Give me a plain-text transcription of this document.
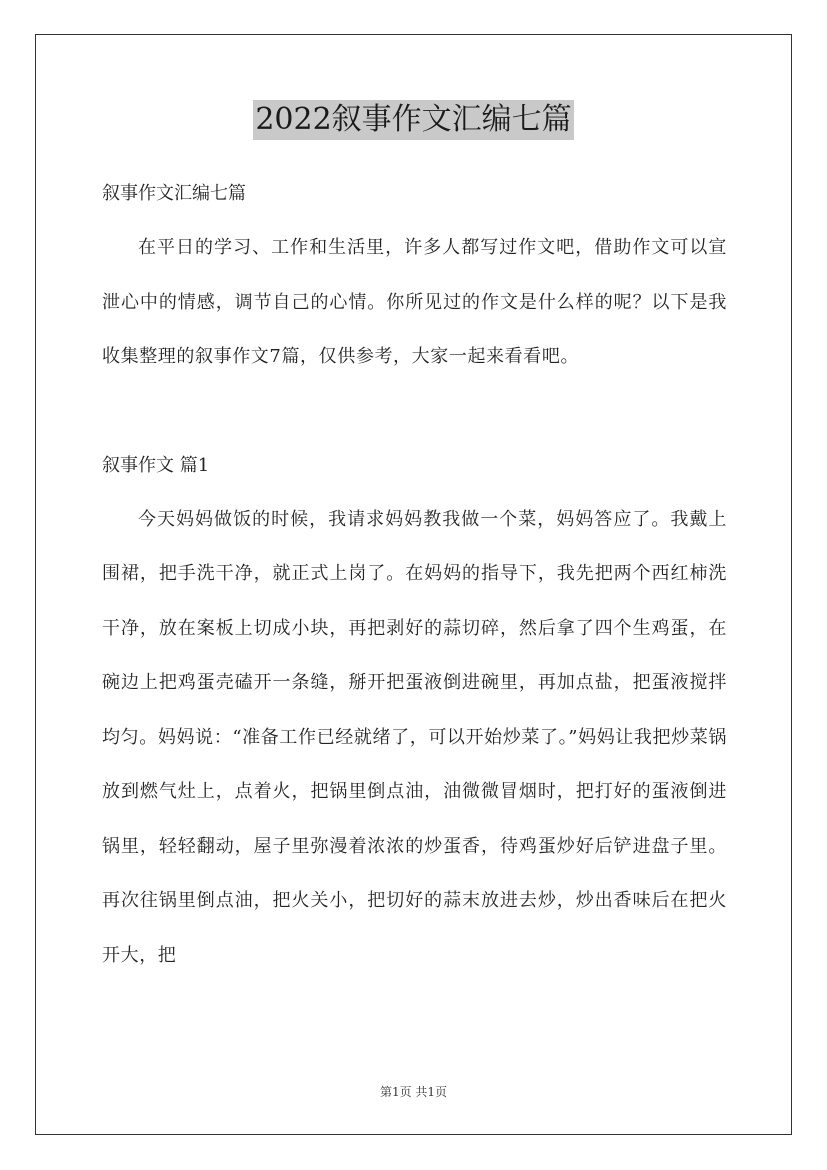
2022叙事作文汇编七篇

叙事作文汇编七篇

在平日的学习、工作和生活里，许多人都写过作文吧，借助作文可以宣泄心中的情感，调节自己的心情。你所见过的作文是什么样的呢？以下是我收集整理的叙事作文7篇，仅供参考，大家一起来看看吧。

叙事作文 篇1

今天妈妈做饭的时候，我请求妈妈教我做一个菜，妈妈答应了。我戴上围裙，把手洗干净，就正式上岗了。在妈妈的指导下，我先把两个西红柿洗干净，放在案板上切成小块，再把剥好的蒜切碎，然后拿了四个生鸡蛋，在碗边上把鸡蛋壳磕开一条缝，掰开把蛋液倒进碗里，再加点盐，把蛋液搅拌均匀。妈妈说：“准备工作已经就绪了，可以开始炒菜了。”妈妈让我把炒菜锅放到燃气灶上，点着火，把锅里倒点油，油微微冒烟时，把打好的蛋液倒进锅里，轻轻翻动，屋子里弥漫着浓浓的炒蛋香，待鸡蛋炒好后铲进盘子里。再次往锅里倒点油，把火关小，把切好的蒜末放进去炒，炒出香味后在把火开大，把

第1页 共1页
